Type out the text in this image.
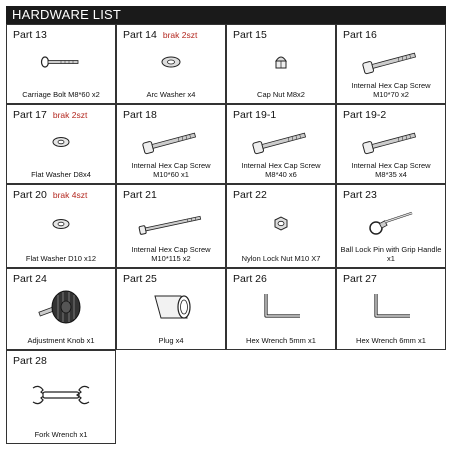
HARDWARE LIST
Part 13
Carriage Bolt M8*60 x2
Part 14 brak 2szt
Arc Washer x4
Part 15
Cap Nut M8x2
Part 16
Internal Hex Cap Screw M10*70 x2
Part 17 brak 2szt
Flat Washer D8x4
Part 18
Internal Hex Cap Screw M10*60 x1
Part 19-1
Internal Hex Cap Screw M8*40 x6
Part 19-2
Internal Hex Cap Screw M8*35 x4
Part 20 brak 4szt
Flat Washer D10 x12
Part 21
Internal Hex Cap Screw M10*115 x2
Part 22
Nylon Lock Nut M10 X7
Part 23
Ball Lock Pin with Grip Handle x1
Part 24
Adjustment Knob x1
Part 25
Plug x4
Part 26
Hex Wrench 5mm x1
Part 27
Hex Wrench 6mm x1
Part 28
Fork Wrench x1
